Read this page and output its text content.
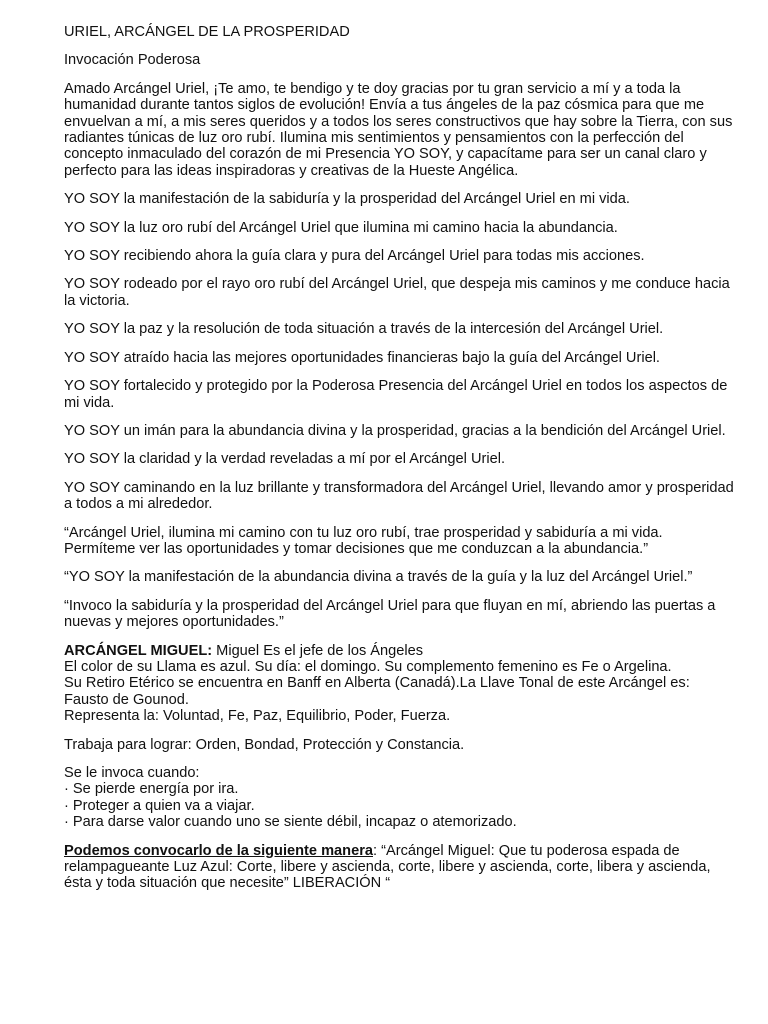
URIEL, ARCÁNGEL DE LA PROSPERIDAD

Invocación Poderosa

Amado Arcángel Uriel, ¡Te amo, te bendigo y te doy gracias por tu gran servicio a mí y a toda la humanidad durante tantos siglos de evolución! Envía a tus ángeles de la paz cósmica para que me envuelvan a mí, a mis seres queridos y a todos los seres constructivos que hay sobre la Tierra, con sus radiantes túnicas de luz oro rubí. Ilumina mis sentimientos y pensamientos con la perfección del concepto inmaculado del corazón de mi Presencia YO SOY, y capacítame para ser un canal claro y perfecto para las ideas inspiradoras y creativas de la Hueste Angélica.

YO SOY la manifestación de la sabiduría y la prosperidad del Arcángel Uriel en mi vida.

YO SOY la luz oro rubí del Arcángel Uriel que ilumina mi camino hacia la abundancia.

YO SOY recibiendo ahora la guía clara y pura del Arcángel Uriel para todas mis acciones.

YO SOY rodeado por el rayo oro rubí del Arcángel Uriel, que despeja mis caminos y me conduce hacia la victoria.

YO SOY la paz y la resolución de toda situación a través de la intercesión del Arcángel Uriel.

YO SOY atraído hacia las mejores oportunidades financieras bajo la guía del Arcángel Uriel.

YO SOY fortalecido y protegido por la Poderosa Presencia del Arcángel Uriel en todos los aspectos de mi vida.

YO SOY un imán para la abundancia divina y la prosperidad, gracias a la bendición del Arcángel Uriel.

YO SOY la claridad y la verdad reveladas a mí por el Arcángel Uriel.

YO SOY caminando en la luz brillante y transformadora del Arcángel Uriel, llevando amor y prosperidad a todos a mi alrededor.

“Arcángel Uriel, ilumina mi camino con tu luz oro rubí, trae prosperidad y sabiduría a mi vida. Permíteme ver las oportunidades y tomar decisiones que me conduzcan a la abundancia.”

“YO SOY la manifestación de la abundancia divina a través de la guía y la luz del Arcángel Uriel.”

“Invoco la sabiduría y la prosperidad del Arcángel Uriel para que fluyan en mí, abriendo las puertas a nuevas y mejores oportunidades.”

ARCÁNGEL MIGUEL: Miguel Es el jefe de los Ángeles
El color de su Llama es azul. Su día: el domingo. Su complemento femenino es Fe o Argelina.
Su Retiro Etérico se encuentra en Banff en Alberta (Canadá).La Llave Tonal de este Arcángel es: Fausto de Gounod.
Representa la: Voluntad, Fe, Paz, Equilibrio, Poder, Fuerza.

Trabaja para lograr: Orden, Bondad, Protección y Constancia.

Se le invoca cuando:
· Se pierde energía por ira.
· Proteger a quien va a viajar.
· Para darse valor cuando uno se siente débil, incapaz o atemorizado.

Podemos convocarlo de la siguiente manera: “Arcángel Miguel: Que tu poderosa espada de relampagueante Luz Azul: Corte, libere y ascienda, corte, libere y ascienda, corte, libera y ascienda, ésta y toda situación que necesite” LIBERACIÓN “
